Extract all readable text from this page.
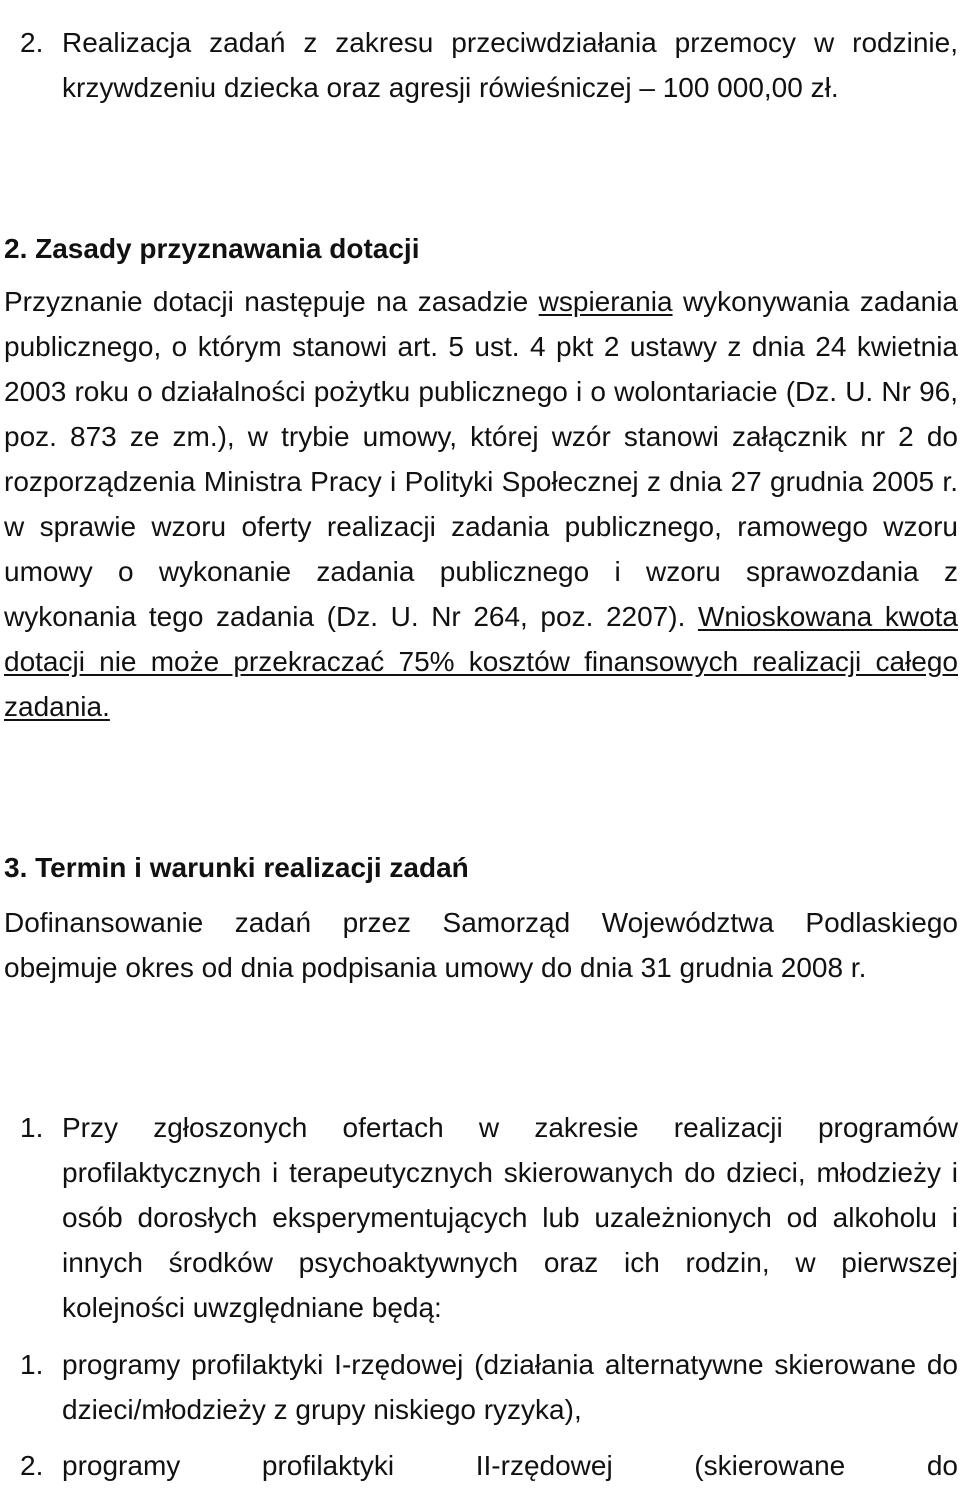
2. Realizacja zadań z zakresu przeciwdziałania przemocy w rodzinie, krzywdzeniu dziecka oraz agresji rówieśniczej – 100 000,00 zł.
2. Zasady przyznawania dotacji
Przyznanie dotacji następuje na zasadzie wspierania wykonywania zadania publicznego, o którym stanowi art. 5 ust. 4 pkt 2 ustawy z dnia 24 kwietnia 2003 roku o działalności pożytku publicznego i o wolontariacie (Dz. U. Nr 96, poz. 873 ze zm.), w trybie umowy, której wzór stanowi załącznik nr 2 do rozporządzenia Ministra Pracy i Polityki Społecznej z dnia 27 grudnia 2005 r. w sprawie wzoru oferty realizacji zadania publicznego, ramowego wzoru umowy o wykonanie zadania publicznego i wzoru sprawozdania z wykonania tego zadania (Dz. U. Nr 264, poz. 2207). Wnioskowana kwota dotacji nie może przekraczać 75% kosztów finansowych realizacji całego zadania.
3. Termin i warunki realizacji zadań
Dofinansowanie zadań przez Samorząd Województwa Podlaskiego obejmuje okres od dnia podpisania umowy do dnia 31 grudnia 2008 r.
1. Przy zgłoszonych ofertach w zakresie realizacji programów profilaktycznych i terapeutycznych skierowanych do dzieci, młodzieży i osób dorosłych eksperymentujących lub uzależnionych od alkoholu i innych środków psychoaktywnych oraz ich rodzin, w pierwszej kolejności uwzględniane będą:
1. programy profilaktyki I-rzędowej (działania alternatywne skierowane do dzieci/młodzieży z grupy niskiego ryzyka),
2. programy profilaktyki II-rzędowej (skierowane do
